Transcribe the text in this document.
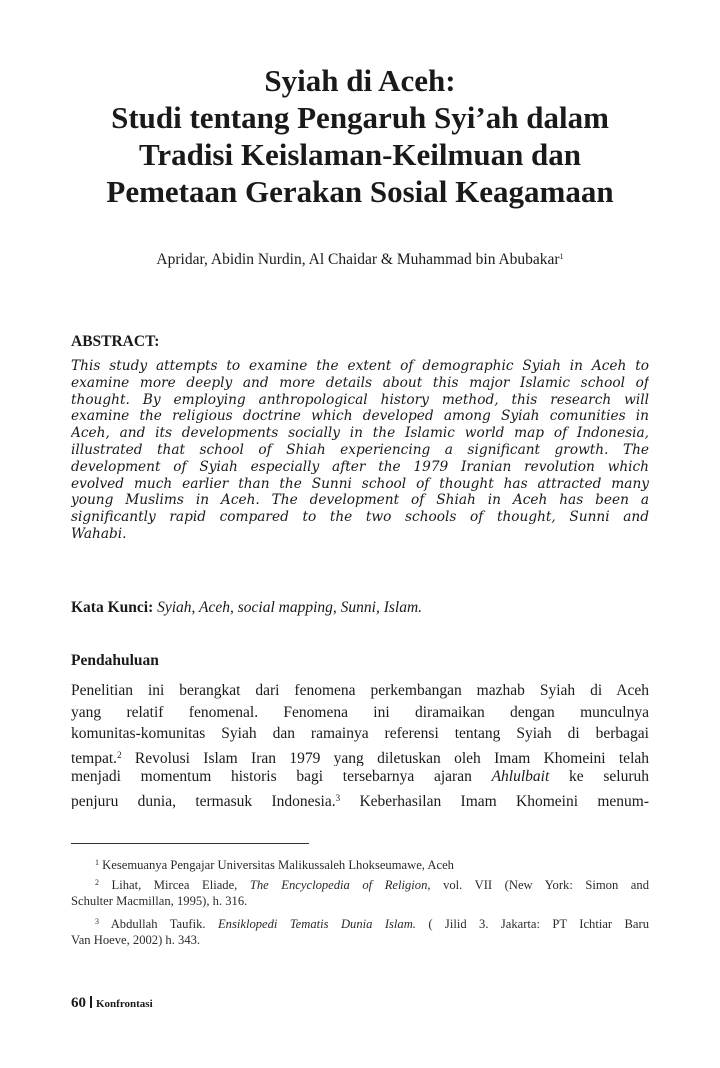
Syiah di Aceh:
Studi tentang Pengaruh Syi’ah dalam
Tradisi Keislaman-Keilmuan dan
Pemetaan Gerakan Sosial Keagamaan
Apridar, Abidin Nurdin, Al Chaidar & Muhammad bin Abubakar$^1$
ABSTRACT:
This study attempts to examine the extent of demographic Syiah in Aceh to
examine more deeply and more details about this major Islamic school of
thought. By employing anthropological history method, this research will
examine the religious doctrine which developed among Syiah comunities in
Aceh, and its developments socially in the Islamic world map of Indonesia,
illustrated that school of Shiah experiencing a significant growth. The
development of Syiah especially after the 1979 Iranian revolution which
evolved much earlier than the Sunni school of thought has attracted many
young Muslims in Aceh. The development of Shiah in Aceh has been a
significantly rapid compared to the two schools of thought, Sunni and
Wahabi.
Kata Kunci: Syiah, Aceh, social mapping, Sunni, Islam.
Pendahuluan
Penelitian ini berangkat dari fenomena perkembangan mazhab Syiah di Aceh
yang relatif fenomenal. Fenomena ini diramaikan dengan munculnya
komunitas-komunitas Syiah dan ramainya referensi tentang Syiah di berbagai
tempat.$^2$ Revolusi Islam Iran 1979 yang diletuskan oleh Imam Khomeini telah
menjadi momentum historis bagi tersebarnya ajaran Ahlulbait ke seluruh
penjuru dunia, termasuk Indonesia.$^3$ Keberhasilan Imam Khomeini menum-
$^1$ Kesemuanya Pengajar Universitas Malikussaleh Lhokseumawe, Aceh
$^2$ Lihat, Mircea Eliade, The Encyclopedia of Religion, vol. VII (New York: Simon and
Schulter Macmillan, 1995), h. 316.
$^3$ Abdullah Taufik. Ensiklopedi Tematis Dunia Islam. ( Jilid 3. Jakarta: PT Ichtiar Baru
Van Hoeve, 2002) h. 343.
60 Konfrontasi
